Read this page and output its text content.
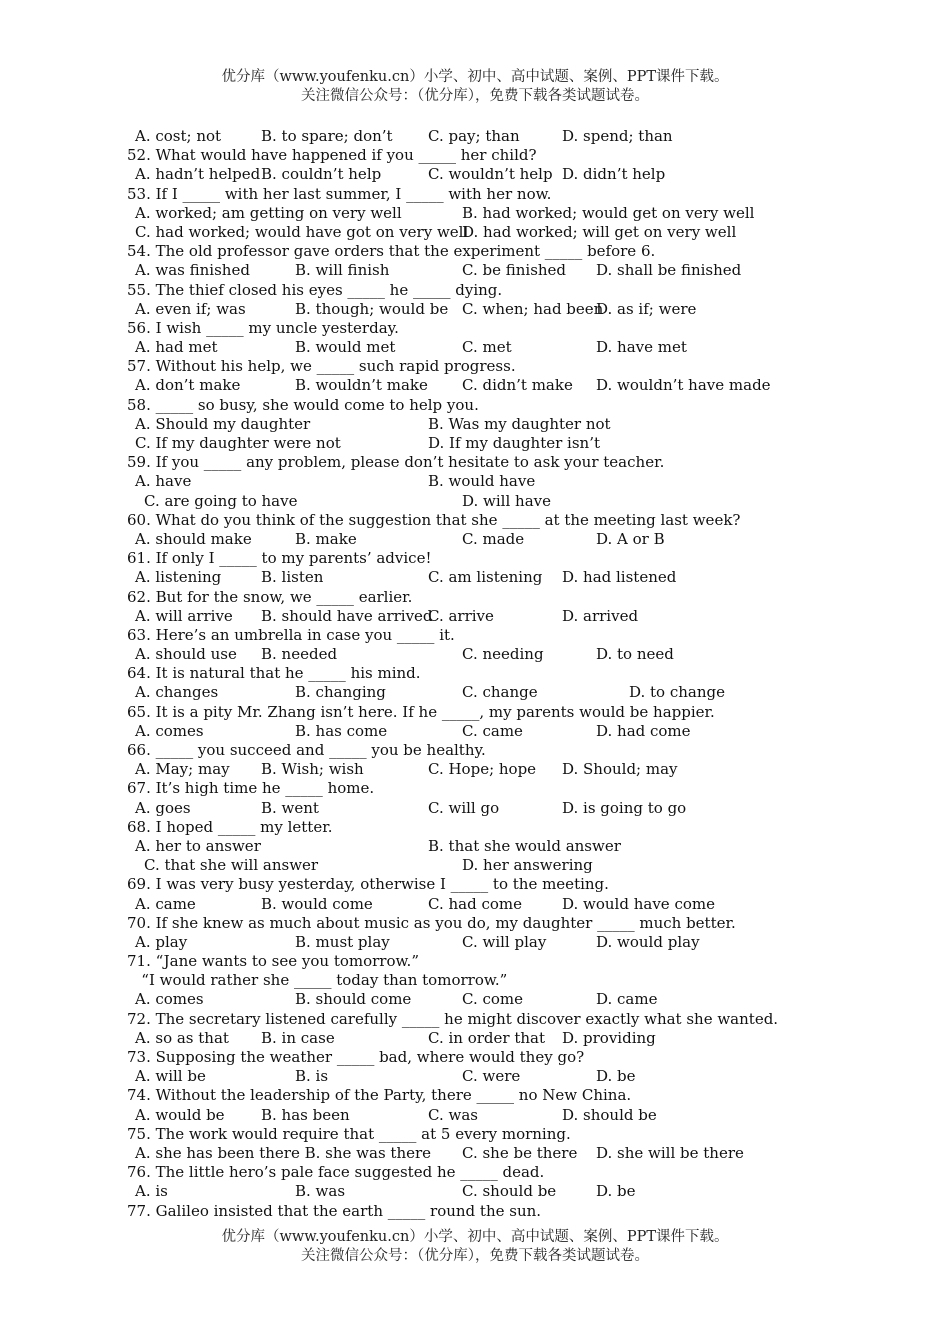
优分库（www.youfenku.cn）小学、初中、高中试题、案例、PPT课件下载。
关注微信公众号：（优分库），免费下载各类试题试卷。
A. cost; not	B. to spare; don’t C. pay; than	D. spend; than
52. What would have happened if you _____ her child?
A. hadn’t helped B. couldn’t help	C. wouldn’t help D. didn’t help
53. If I _____ with her last summer, I _____ with her now.
A. worked; am getting on very well	B. had worked; would get on very well
C. had worked; would have got on very well
D. had worked; will get on very well
54. The old professor gave orders that the experiment _____ before 6.
A. was finished	B. will finish	C. be finished D. shall be finished
55. The thief closed his eyes _____ he _____ dying.
A. even if; was	B. though; would be C. when; had been
D. as if; were
56. I wish _____ my uncle yesterday.
A. had met	B. would met	C. met	D. have met
57. Without his help, we _____ such rapid progress.
A. don’t make	B. wouldn’t make C. didn’t make D. wouldn’t have made
58. _____ so busy, she would come to help you.
A. Should my daughter	B. Was my daughter not
C. If my daughter were not	D. If my daughter isn’t
59. If you _____ any problem, please don’t hesitate to ask your teacher.
A. have	B. would have
C. are going to have	D. will have
60. What do you think of the suggestion that she _____ at the meeting last week?
A. should make	B. make	C. made	D. A or B
61. If only I _____ to my parents’ advice!
A. listening	B. listen	C. am listening D. had listened
62. But for the snow, we _____ earlier.
A. will arrive B. should have arrived
C. arrive	D. arrived
63. Here’s an umbrella in case you _____ it.
A. should use B. needed	C. needing	D. to need
64. It is natural that he _____ his mind.
A. changes	B. changing	C. change	D. to change
65. It is a pity Mr. Zhang isn’t here. If he _____, my parents would be happier.
A. comes	B. has come	C. came	D. had come
66. _____ you succeed and _____ you be healthy.
A. May; may B. Wish; wish	C. Hope; hope D. Should; may
67. It’s high time he _____ home.
A. goes	B. went	C. will go	D. is going to go
68. I hoped _____ my letter.
A. her to answer	B. that she would answer
C. that she will answer	D. her answering
69. I was very busy yesterday, otherwise I _____ to the meeting.
A. came	B. would come	C. had come	D. would have come
70. If she knew as much about music as you do, my daughter _____ much better.
A. play	B. must play	C. will play	D. would play
71. “Jane wants to see you tomorrow.”
“I would rather she _____ today than tomorrow.”
A. comes	B. should come	C. come	D. came
72. The secretary listened carefully _____ he might discover exactly what she wanted.
A. so as that B. in case	C. in order that D. providing
73. Supposing the weather _____ bad, where would they go?
A. will be	B. is	C. were	D. be
74. Without the leadership of the Party, there _____ no New China.
A. would be B. has been	C. was	D. should be
75. The work would require that _____ at 5 every morning.
A. she has been there B. she was there C. she be there D. she will be there
76. The little hero’s pale face suggested he _____ dead.
A. is	B. was	C. should be	D. be
77. Galileo insisted that the earth _____ round the sun.
优分库（www.youfenku.cn）小学、初中、高中试题、案例、PPT课件下载。
关注微信公众号：（优分库），免费下载各类试题试卷。
